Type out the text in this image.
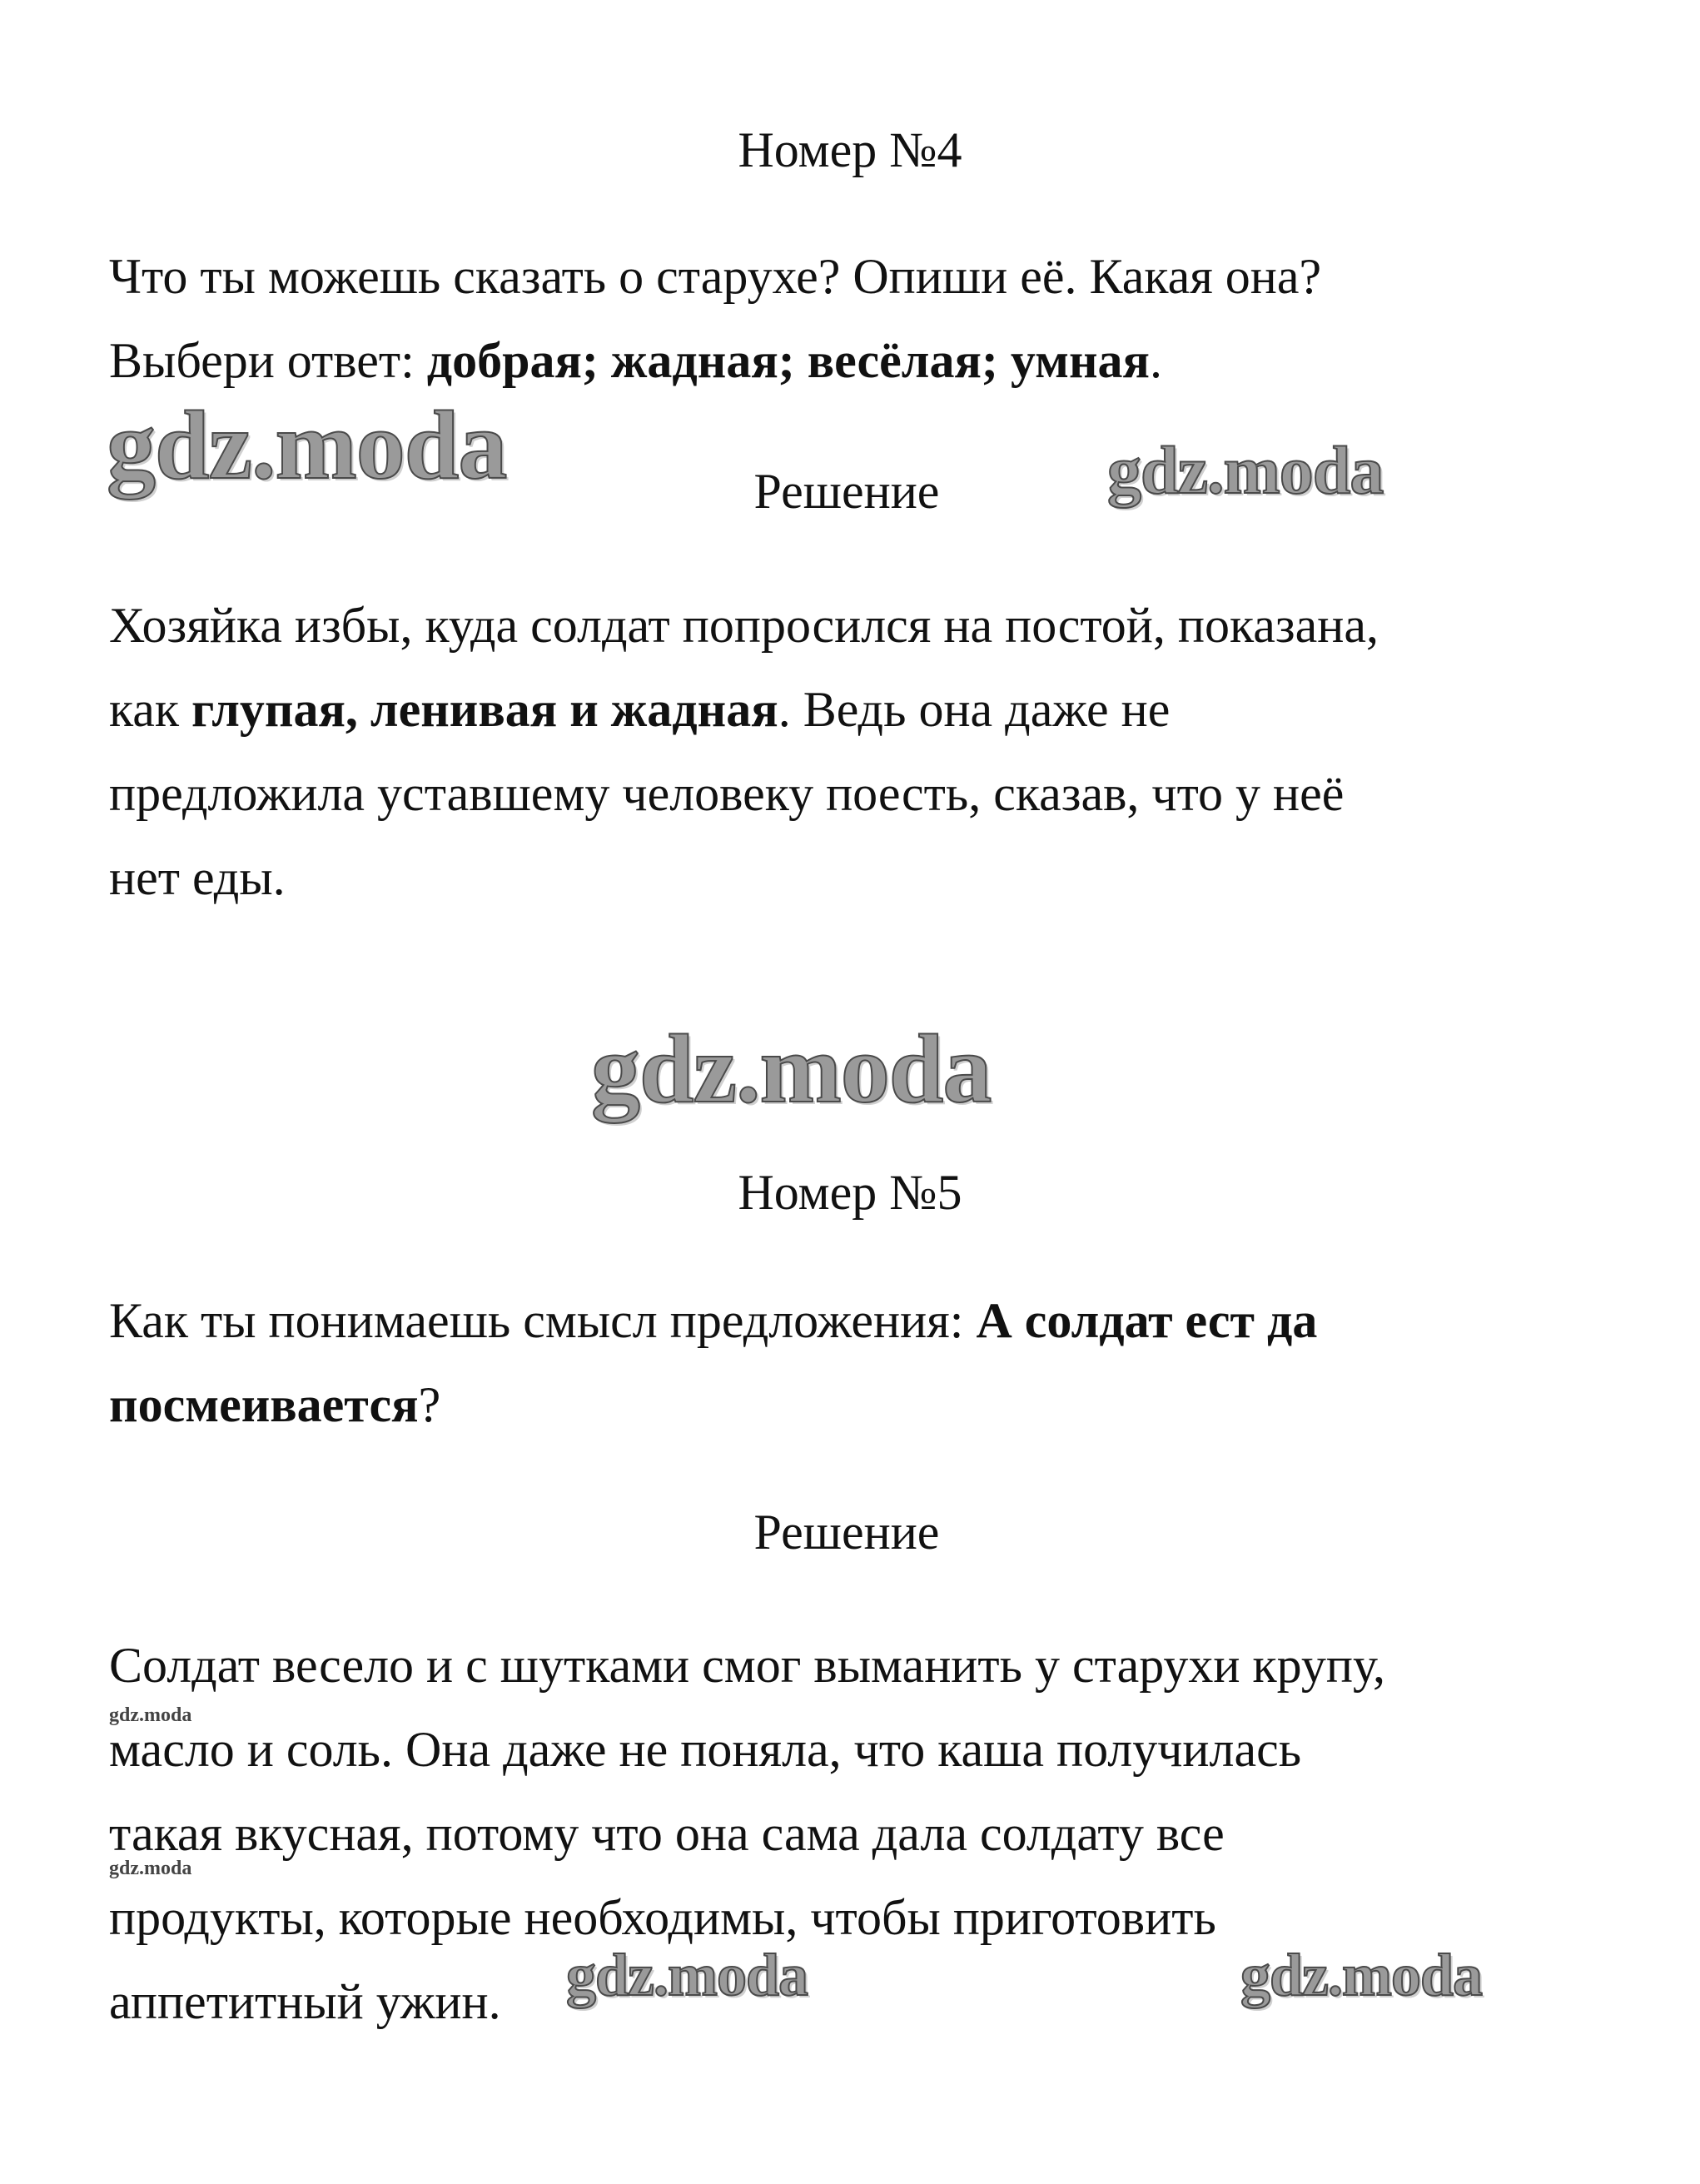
Номер №4
Что ты можешь сказать о старухе? Опиши её. Какая она?
Выбери ответ: добрая; жадная; весёлая; умная.
gdz.moda	Решение	gdz.moda
Хозяйка избы, куда солдат попросился на постой, показана,
как глупая, ленивая и жадная. Ведь она даже не
предложила уставшему человеку поесть, сказав, что у неё
нет еды.
gdz.moda
Номер №5
Как ты понимаешь смысл предложения: А солдат ест да
посмеивается?
Решение
Солдат весело и с шутками смог выманить у старухи крупу,
gdz.moda
масло и соль. Она даже не поняла, что каша получилась
такая вкусная, потому что она сама дала солдату все
gdz.moda
продукты, которые необходимы, чтобы приготовить
аппетитный ужин. gdz.moda	gdz.moda
